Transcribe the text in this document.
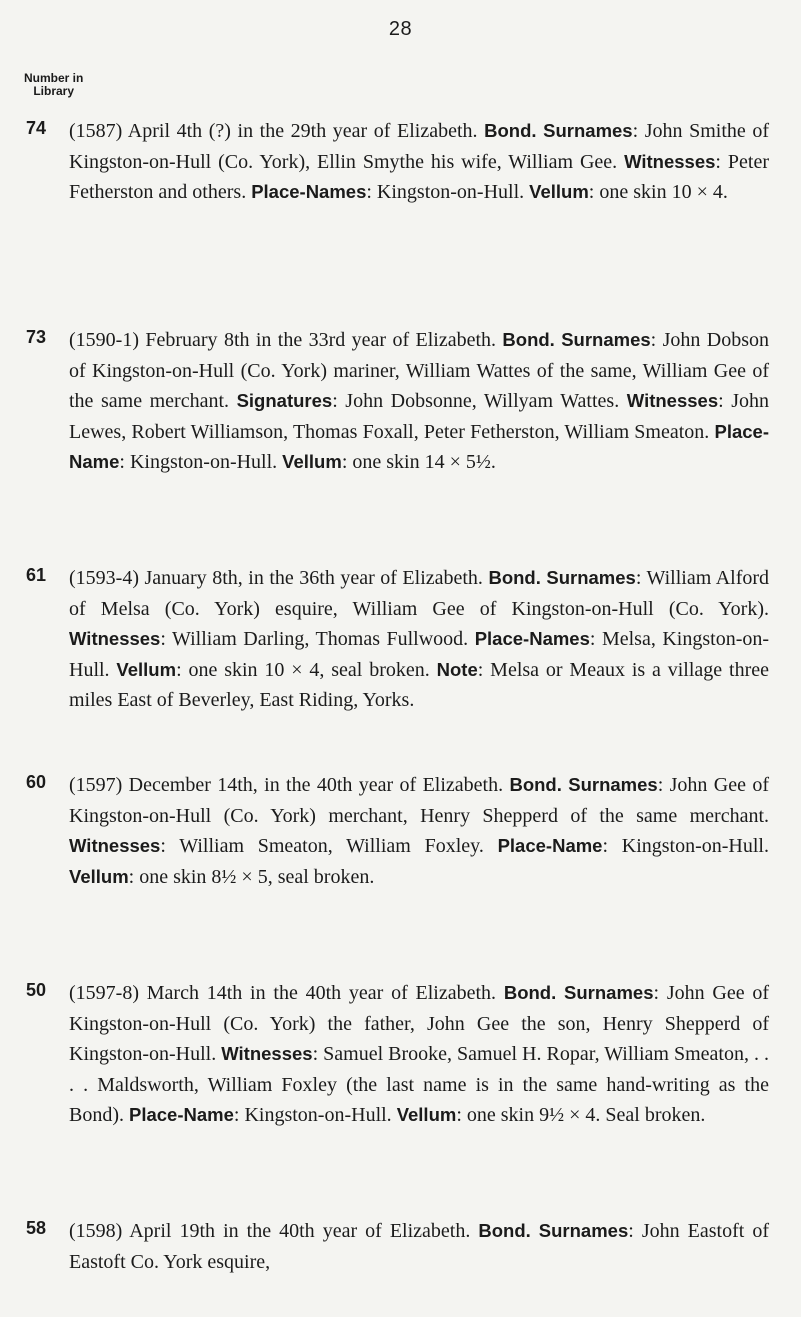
28
Number in
Library
74 (1587) April 4th (?) in the 29th year of Elizabeth. Bond. Surnames: John Smithe of Kingston-on-Hull (Co. York), Ellin Smythe his wife, William Gee. Witnesses: Peter Fetherston and others. Place-Names: Kingston-on-Hull. Vellum: one skin 10 × 4.
73 (1590-1) February 8th in the 33rd year of Elizabeth. Bond. Surnames: John Dobson of Kingston-on-Hull (Co. York) mariner, William Wattes of the same, William Gee of the same merchant. Signatures: John Dobsonne, Willyam Wattes. Witnesses: John Lewes, Robert Williamson, Thomas Foxall, Peter Fetherston, William Smeaton. Place-Name: Kingston-on-Hull. Vellum: one skin 14 × 5½.
61 (1593-4) January 8th, in the 36th year of Elizabeth. Bond. Surnames: William Alford of Melsa (Co. York) esquire, William Gee of Kingston-on-Hull (Co. York). Witnesses: William Darling, Thomas Fullwood. Place-Names: Melsa, Kingston-on-Hull. Vellum: one skin 10 × 4, seal broken. Note: Melsa or Meaux is a village three miles East of Beverley, East Riding, Yorks.
60 (1597) December 14th, in the 40th year of Elizabeth. Bond. Surnames: John Gee of Kingston-on-Hull (Co. York) merchant, Henry Shepperd of the same merchant. Witnesses: William Smeaton, William Foxley. Place-Name: Kingston-on-Hull. Vellum: one skin 8½ × 5, seal broken.
50 (1597-8) March 14th in the 40th year of Elizabeth. Bond. Surnames: John Gee of Kingston-on-Hull (Co. York) the father, John Gee the son, Henry Shepperd of Kingston-on-Hull. Witnesses: Samuel Brooke, Samuel H. Ropar, William Smeaton, . . . . Maldsworth, William Foxley (the last name is in the same hand-writing as the Bond). Place-Name: Kingston-on-Hull. Vellum: one skin 9½ × 4. Seal broken.
58 (1598) April 19th in the 40th year of Elizabeth. Bond. Surnames: John Eastoft of Eastoft Co. York esquire,
